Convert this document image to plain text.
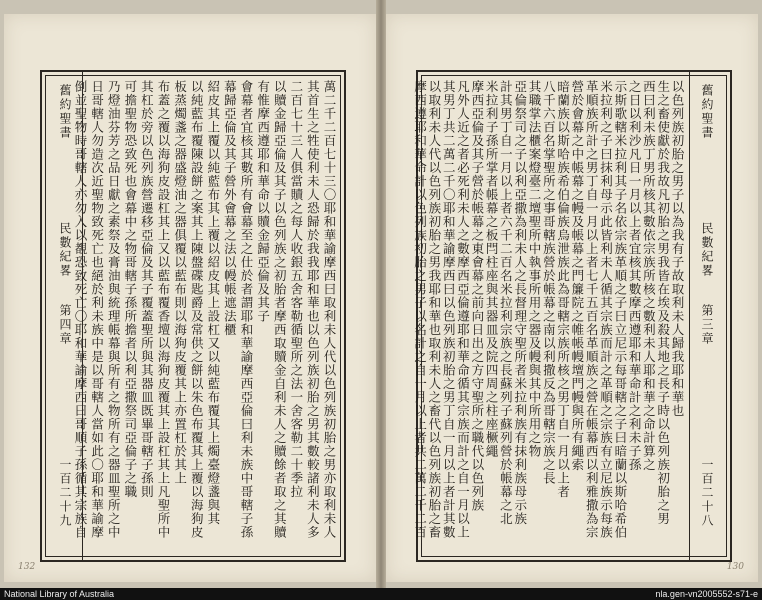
萬二千二百七十三〇耶和華諭摩西曰取利未人代以色列族初胎之男亦取利未人
其首生之牲使利未人恐歸於我我耶和華也以色列族初胎之男其數較諸利未人多
二百七十三人俱當贖之每人收銀五舍客勒循聖所之法一舍客勒二十季拉
以贖金歸亞倫及其子以色列族之初胎者摩西取贖金自利未人之贖餘者取之其贖
有惟摩西遵耶和華命以贖金歸亞倫及其子
會幕者宜核其數所有會幕至之仕於者謂耶和華諭摩西亞倫曰利未族中哥轄子孫
幕歸亞倫及其子營外會幕之法以幔帳遮法櫃
紹皮其上覆以純藍布其上覆以紹皮其上設杠又以純藍布覆其上燭臺燈盞與其
以純藍布覆陳設餅之案其上陳盤碟匙爵及常供之餅以朱色布覆其上覆以海狗皮
板蒸燭盞之器盛燈油之器俱覆以藍布則以海狗皮覆其上亦置杠於其上
布蓋之覆以海狗皮設杠其上又以藍布覆香壇以海狗皮覆其上設杠其上凡聖所中
其杠於旁以色列族營遷移亞倫及其子覆蓋聖所與其器皿既畢哥轄子孫則
可擔聖物恐致死也會幕中之物哥轄子孫所擔者以利亞撒祭司亞倫子之職
乃燈油芬芳之品日獻之素祭及膏油與統理帳幕與所有之物所有之器皿聖所之中
日哥轄人勿造次近聖物致死亡也絕於利未族中是以哥轄人當如此〇耶和華諭摩
倒並聖物時哥轄人亦勿入以覩恐致死亡〇耶和華諭摩西曰哥順子孫循其宗族自
舊約聖書
民數紀畧
第四章
一百二十九
132
以色列族初胎之男子以為我有子故取利未人歸我耶和華也
生之畜使獻於我故凡初胎之男我皆在埃及殺其地之長子時以色列族初胎之男
西曰利未族丁男所核其數依宗族所核之數利未人耶和華之命計算之
之日以利沙凡日一月以上者宜核其數摩西遵耶和華命計之利未子孫
示斯歌轄米拉利其子名依宗族革順之子曰立尼示每哥轄之子曰暗蘭以斯哈希伯
米拉利之子曰抹利母示此皆利未人循其宗族而計之革順之宗族有立尼族示每族
革順族所計之男丁自一月以上者七千五百名革順族之營在帳幕西以利雅撒為宗
營於會幕之中帳幕之幔及帳幕之門簾院之帷帳幔壇門幔與所有繩索
暗蘭族以斯哈族希伯倫族烏泄族此為哥轄宗族所核之男丁自一月以上者
八千六百名掌聖所之事哥轄族營於帳幕之南以利撒反為哥轄宗族之長
其職掌法櫃案燈臺二壇聖所中執事所用之器及幔與其中所用之物
亞倫祭司之子以利亞撒為利未人之長督理守聖所者米拉利族有抹利族母示族
計其男丁自一月以上者六千二百名米拉利宗族之長蘇列子蘇列營於帳幕之北
米拉利子孫所掌者帳幕之板閂柱座與其器皿及院四周之柱座橛繩
摩西亞倫及其子營於帳幕之東會幕之前向日出之方守聖所之職代以色列族
凡外人近之者必死利未人之數摩西亞倫遵耶和華命循其宗族而計之自一月以上
其男丁共二萬二千〇耶和華諭摩西曰以色列族初胎之男丁自一月以上者計其數
以取利未人代以色列族初胎之男我耶和華也取利未人之畜代以色列族初胎之畜
摩西遵耶和華命計以色列族初胎之男子以名計之自一月以上者共二萬二千二百
舊約聖書
民數紀畧
第三章
一百二十八
130
National Library of Australia	nla.gen-vn2005552-s71-e
